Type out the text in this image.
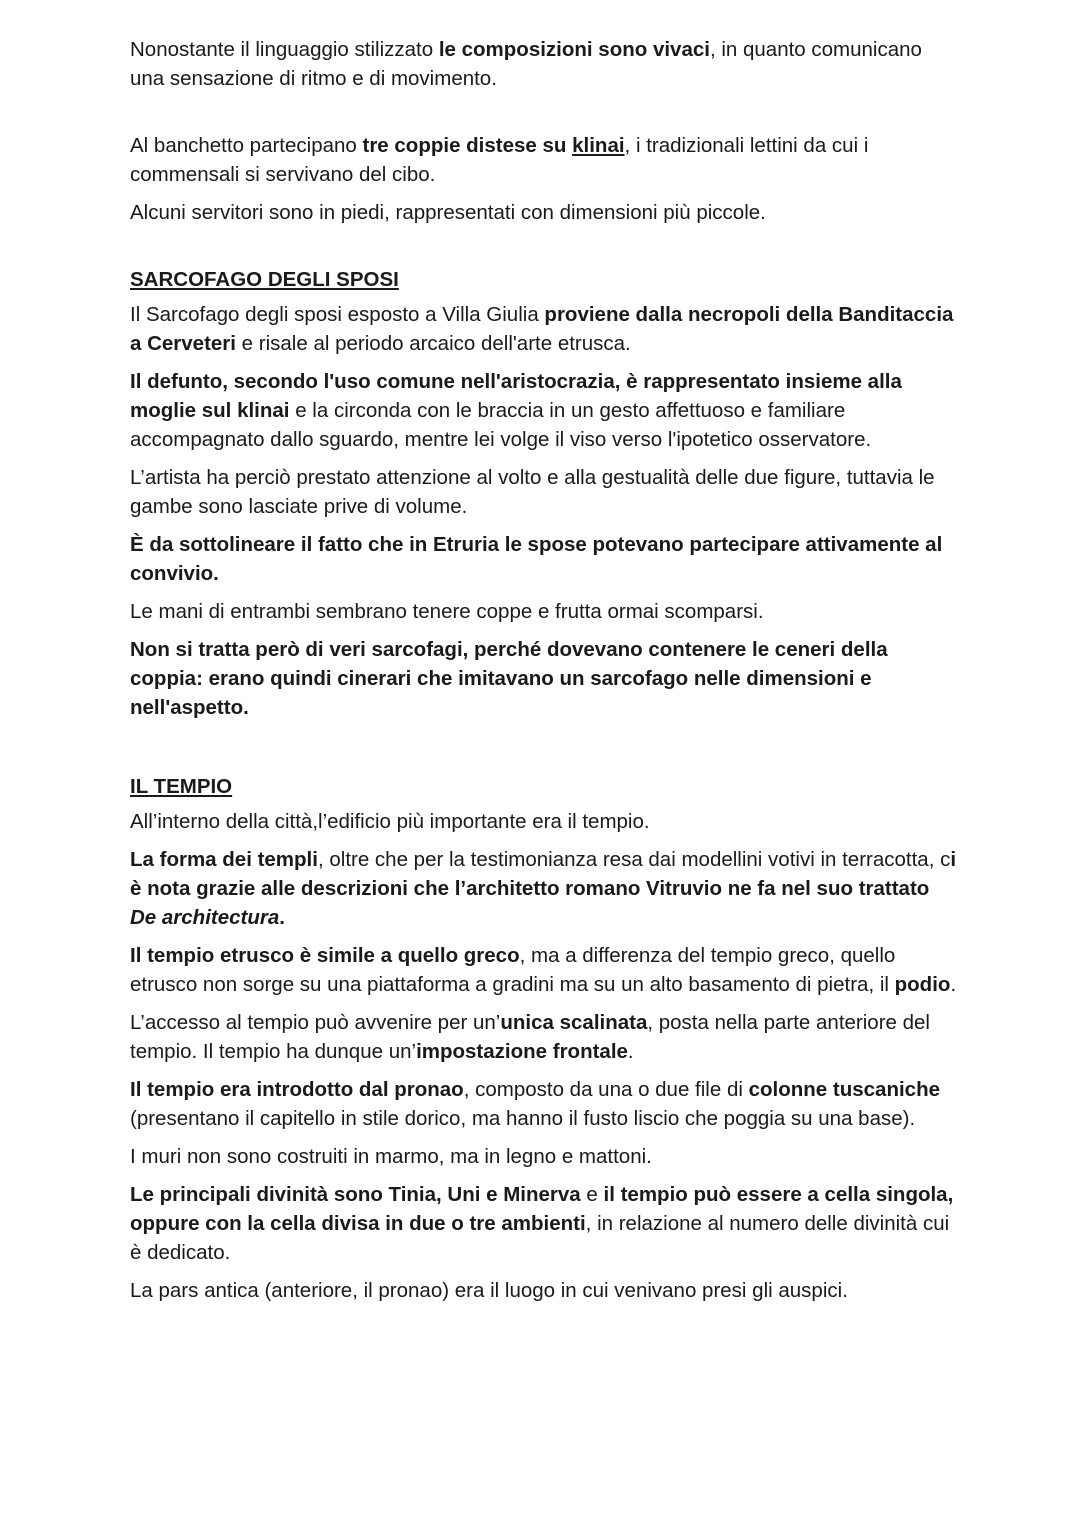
Nonostante il linguaggio stilizzato le composizioni sono vivaci, in quanto comunicano una sensazione di ritmo e di movimento.

Al banchetto partecipano tre coppie distese su klinai, i tradizionali lettini da cui i commensali si servivano del cibo.

Alcuni servitori sono in piedi, rappresentati con dimensioni più piccole.

SARCOFAGO DEGLI SPOSI

Il Sarcofago degli sposi esposto a Villa Giulia proviene dalla necropoli della Banditaccia a Cerveteri e risale al periodo arcaico dell'arte etrusca.

Il defunto, secondo l'uso comune nell'aristocrazia, è rappresentato insieme alla moglie sul klinai e la circonda con le braccia in un gesto affettuoso e familiare accompagnato dallo sguardo, mentre lei volge il viso verso l'ipotetico osservatore.

L’artista ha perciò prestato attenzione al volto e alla gestualità delle due figure, tuttavia le gambe sono lasciate prive di volume.

È da sottolineare il fatto che in Etruria le spose potevano partecipare attivamente al convivio.

Le mani di entrambi sembrano tenere coppe e frutta ormai scomparsi.

Non si tratta però di veri sarcofagi, perché dovevano contenere le ceneri della coppia: erano quindi cinerari che imitavano un sarcofago nelle dimensioni e nell'aspetto.

IL TEMPIO

All’interno della città,l’edificio più importante era il tempio.

La forma dei templi, oltre che per la testimonianza resa dai modellini votivi in terracotta, ci è nota grazie alle descrizioni che l’architetto romano Vitruvio ne fa nel suo trattato De architectura.

Il tempio etrusco è simile a quello greco, ma a differenza del tempio greco, quello etrusco non sorge su una piattaforma a gradini ma su un alto basamento di pietra, il podio.

L’accesso al tempio può avvenire per un’unica scalinata, posta nella parte anteriore del tempio. Il tempio ha dunque un’impostazione frontale.

Il tempio era introdotto dal pronao, composto da una o due file di colonne tuscaniche (presentano il capitello in stile dorico, ma hanno il fusto liscio che poggia su una base).

I muri non sono costruiti in marmo, ma in legno e mattoni.

Le principali divinità sono Tinia, Uni e Minerva e il tempio può essere a cella singola, oppure con la cella divisa in due o tre ambienti, in relazione al numero delle divinità cui è dedicato.

La pars antica (anteriore, il pronao) era il luogo in cui venivano presi gli auspici.
